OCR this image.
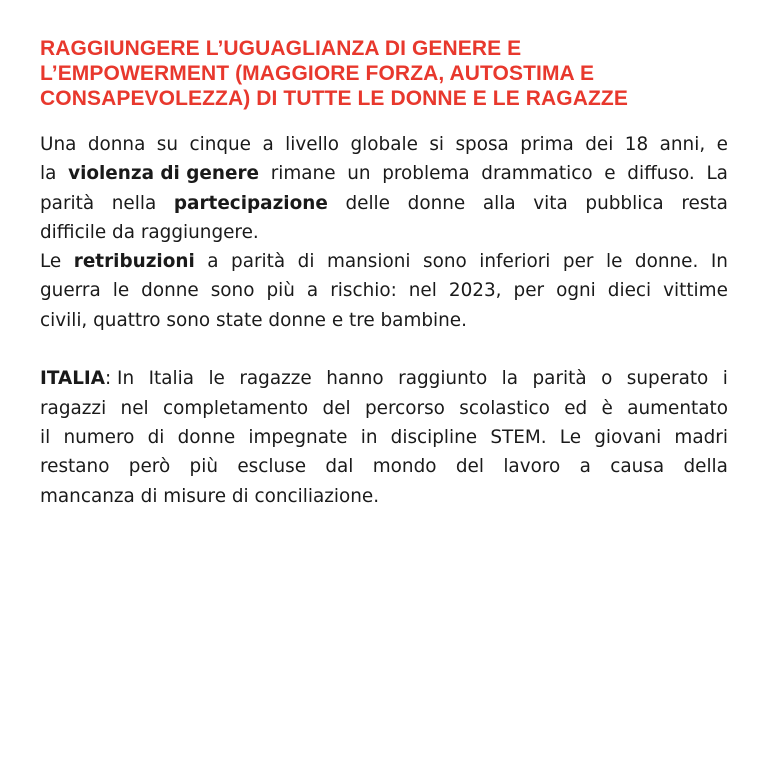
RAGGIUNGERE L’UGUAGLIANZA DI GENERE E
L’EMPOWERMENT (MAGGIORE FORZA, AUTOSTIMA E
CONSAPEVOLEZZA) DI TUTTE LE DONNE E LE RAGAZZE
Una donna su cinque a livello globale si sposa prima dei 18 anni, e
la violenza di genere rimane un problema drammatico e diffuso. La
parità nella partecipazione delle donne alla vita pubblica resta
difficile da raggiungere.
Le retribuzioni a parità di mansioni sono inferiori per le donne. In
guerra le donne sono più a rischio: nel 2023, per ogni dieci vittime
civili, quattro sono state donne e tre bambine.
ITALIA: In Italia le ragazze hanno raggiunto la parità o superato i
ragazzi nel completamento del percorso scolastico ed è aumentato
il numero di donne impegnate in discipline STEM. Le giovani madri
restano però più escluse dal mondo del lavoro a causa della
mancanza di misure di conciliazione.
